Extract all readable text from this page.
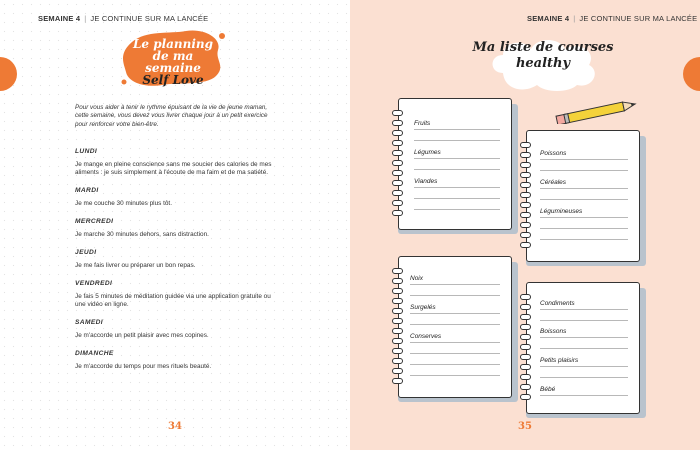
SEMAINE 4 | JE CONTINUE SUR MA LANCÉE
Le planning
de ma semaine
Self Love
Pour vous aider à tenir le rythme épuisant de la vie de jeune maman, cette semaine, vous devez vous livrer chaque jour à un petit exercice pour renforcer votre bien-être.
LUNDI
Je mange en pleine conscience sans me soucier des calories de mes aliments : je suis simplement à l'écoute de ma faim et de ma satiété.
MARDI
Je me couche 30 minutes plus tôt.
MERCREDI
Je marche 30 minutes dehors, sans distraction.
JEUDI
Je me fais livrer ou préparer un bon repas.
VENDREDI
Je fais 5 minutes de méditation guidée via une application gratuite ou une vidéo en ligne.
SAMEDI
Je m'accorde un petit plaisir avec mes copines.
DIMANCHE
Je m'accorde du temps pour mes rituels beauté.
34
SEMAINE 4 | JE CONTINUE SUR MA LANCÉE
Ma liste de courses
healthy
Fruits
Légumes
Viandes
Poissons
Céréales
Légumineuses
Noix
Surgelés
Conserves
Condiments
Boissons
Petits plaisirs
Bébé
35
